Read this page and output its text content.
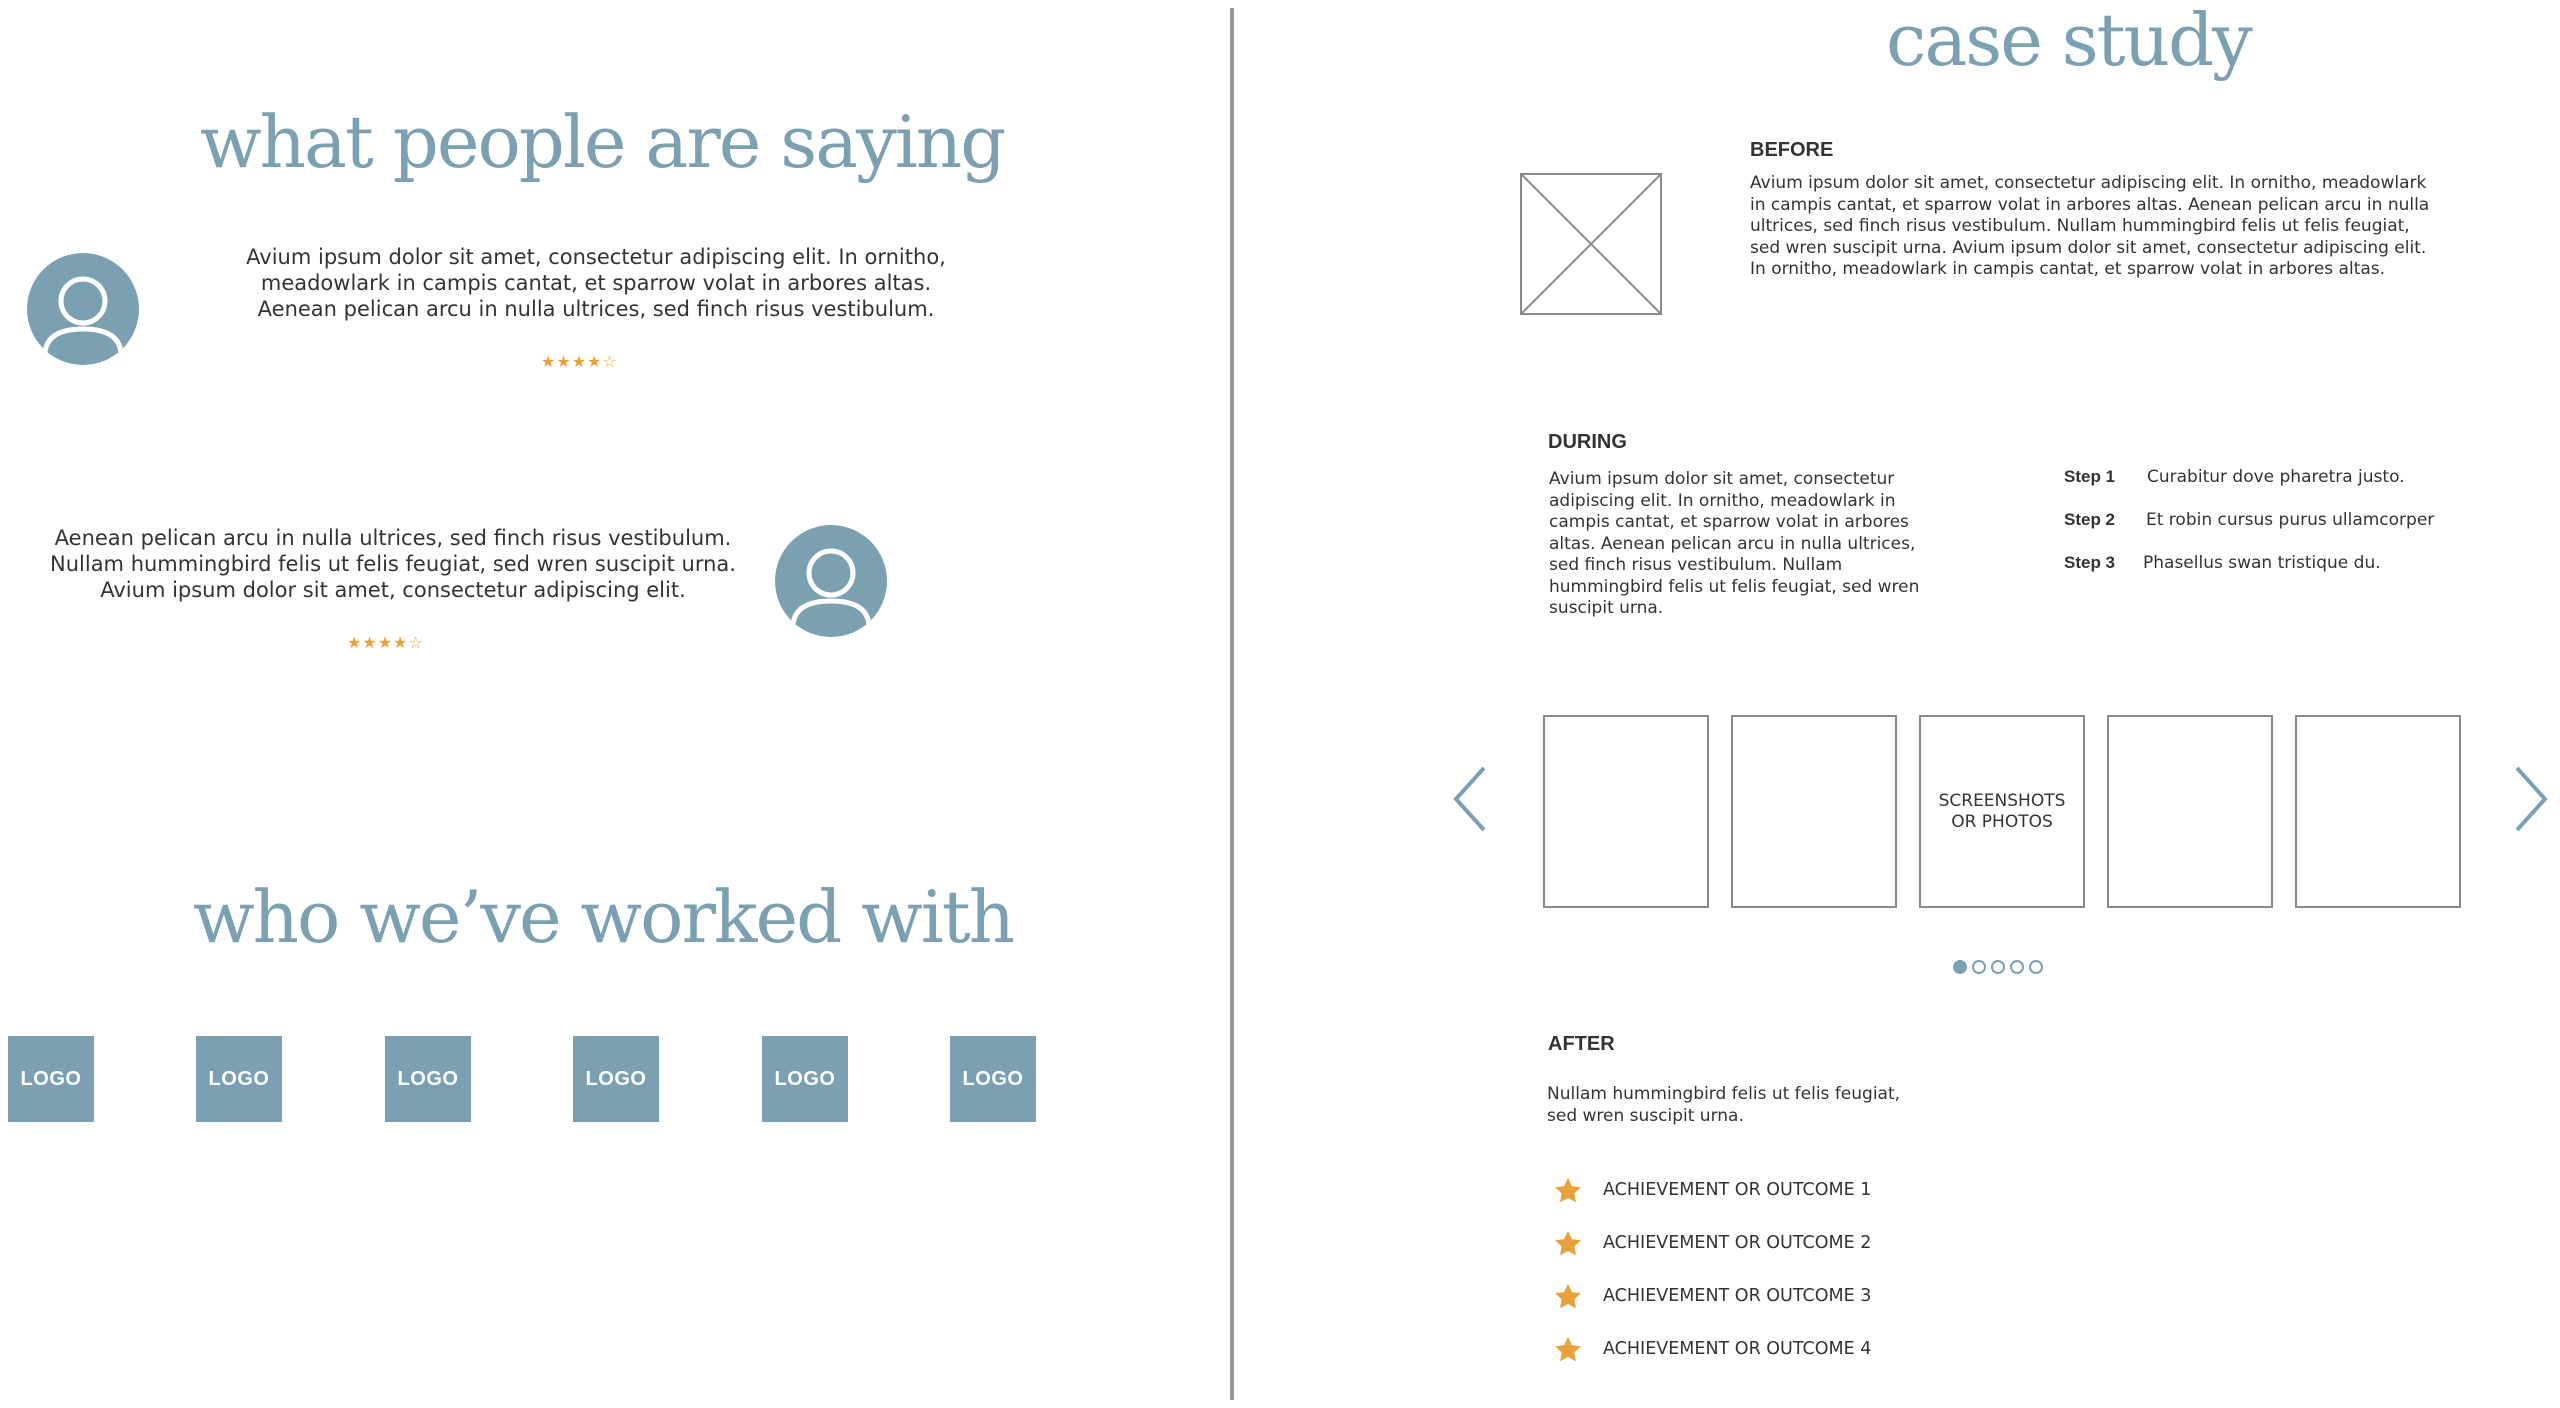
what people are saying
Avium ipsum dolor sit amet, consectetur adipiscing elit. In ornitho, meadowlark in campis cantat, et sparrow volat in arbores altas. Aenean pelican arcu in nulla ultrices, sed finch risus vestibulum.
★★★★☆
Aenean pelican arcu in nulla ultrices, sed finch risus vestibulum. Nullam hummingbird felis ut felis feugiat, sed wren suscipit urna. Avium ipsum dolor sit amet, consectetur adipiscing elit.
★★★★☆
who we’ve worked with
LOGO	LOGO	LOGO	LOGO	LOGO	LOGO
case study
BEFORE
Avium ipsum dolor sit amet, consectetur adipiscing elit. In ornitho, meadowlark in campis cantat, et sparrow volat in arbores altas. Aenean pelican arcu in nulla ultrices, sed finch risus vestibulum. Nullam hummingbird felis ut felis feugiat, sed wren suscipit urna. Avium ipsum dolor sit amet, consectetur adipiscing elit. In ornitho, meadowlark in campis cantat, et sparrow volat in arbores altas.
DURING
Avium ipsum dolor sit amet, consectetur adipiscing elit. In ornitho, meadowlark in campis cantat, et sparrow volat in arbores altas. Aenean pelican arcu in nulla ultrices, sed finch risus vestibulum. Nullam hummingbird felis ut felis feugiat, sed wren suscipit urna.
Step 1 Curabitur dove pharetra justo.
Step 2 Et robin cursus purus ullamcorper
Step 3 Phasellus swan tristique du.
SCREENSHOTS OR PHOTOS
AFTER
Nullam hummingbird felis ut felis feugiat, sed wren suscipit urna.
ACHIEVEMENT OR OUTCOME 1
ACHIEVEMENT OR OUTCOME 2
ACHIEVEMENT OR OUTCOME 3
ACHIEVEMENT OR OUTCOME 4
